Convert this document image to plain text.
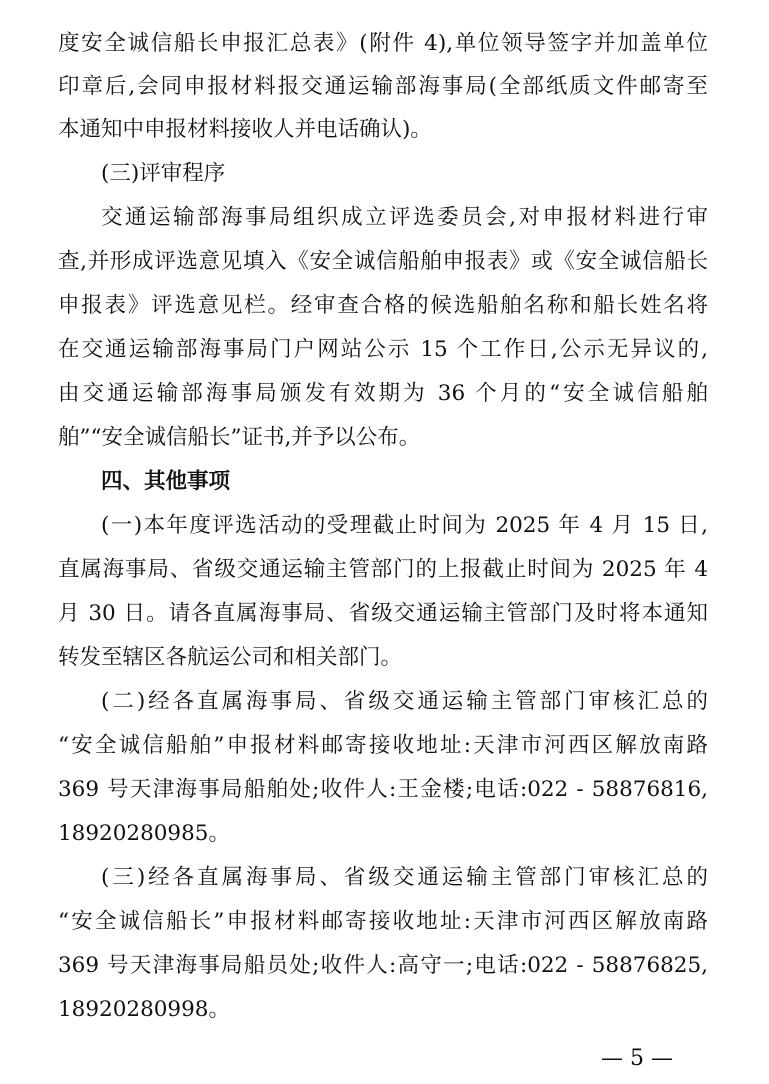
度安全诚信船长申报汇总表》(附件 4),单位领导签字并加盖单位
印章后,会同申报材料报交通运输部海事局(全部纸质文件邮寄至
本通知中申报材料接收人并电话确认)。
(三)评审程序
交通运输部海事局组织成立评选委员会,对申报材料进行审
查,并形成评选意见填入《安全诚信船舶申报表》或《安全诚信船长
申报表》评选意见栏。经审查合格的候选船舶名称和船长姓名将
在交通运输部海事局门户网站公示 15 个工作日,公示无异议的,
由交通运输部海事局颁发有效期为 36 个月的“安全诚信船舶
舶”“安全诚信船长”证书,并予以公布。
四、其他事项
(一)本年度评选活动的受理截止时间为 2025 年 4 月 15 日,
直属海事局、省级交通运输主管部门的上报截止时间为 2025 年 4
月 30 日。请各直属海事局、省级交通运输主管部门及时将本通知
转发至辖区各航运公司和相关部门。
(二)经各直属海事局、省级交通运输主管部门审核汇总的
“安全诚信船舶”申报材料邮寄接收地址:天津市河西区解放南路
369 号天津海事局船舶处;收件人:王金楼;电话:022 - 58876816,
18920280985。
(三)经各直属海事局、省级交通运输主管部门审核汇总的
“安全诚信船长”申报材料邮寄接收地址:天津市河西区解放南路
369 号天津海事局船员处;收件人:高守一;电话:022 - 58876825,
18920280998。
— 5 —
